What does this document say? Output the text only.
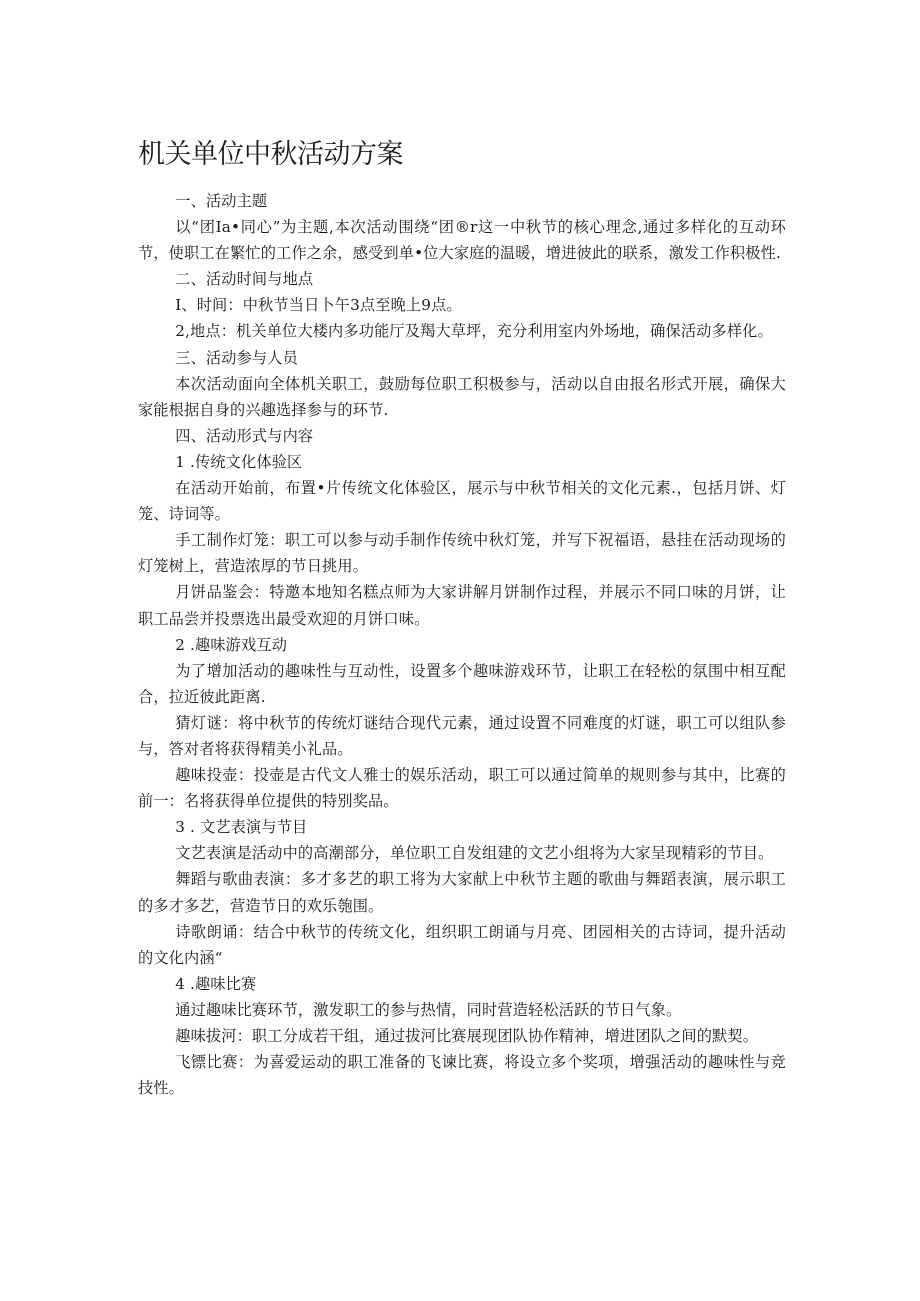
机关单位中秋活动方案

一、活动主题

以“团Ia•同心”为主题,本次活动围绕“团®r这一中秋节的核心理念,通过多样化的互动环节，使职工在繁忙的工作之余，感受到单•位大家庭的温暖，增进彼此的联系，激发工作积极性.

二、活动时间与地点

I、时间：中秋节当日卜午3点至晚上9点。

2,地点：机关单位大楼内多功能厅及羯大草坪，充分利用室内外场地，确保活动多样化。

三、活动参与人员

本次活动面向全体机关职工，鼓励每位职工积极参与，活动以自由报名形式开展，确保大家能根据自身的兴趣选择参与的环节.

四、活动形式与内容

1 .传统文化体验区

在活动开始前，布置•片传统文化体验区，展示与中秋节相关的文化元素.，包括月饼、灯笼、诗词等。

手工制作灯笼：职工可以参与动手制作传统中秋灯笼，并写下祝福语，悬挂在活动现场的灯笼树上，营造浓厚的节日挑用。

月饼品鉴会：特邀本地知名糕点师为大家讲解月饼制作过程，并展示不同口味的月饼，让职工品尝并投票选出最受欢迎的月饼口味。

2 .趣味游戏互动

为了增加活动的趣味性与互动性，设置多个趣味游戏环节，让职工在轻松的氛围中相互配合，拉近彼此距离.

猜灯谜：将中秋节的传统灯谜结合现代元素，通过设置不同难度的灯谜，职工可以组队参与，答对者将获得精美小礼品。

趣味投壶：投壶是古代文人雅士的娱乐活动，职工可以通过简单的规则参与其中，比赛的前一：名将获得单位提供的特别奖品。

3 . 文艺表演与节目

文艺表演是活动中的高潮部分，单位职工自发组建的文艺小组将为大家呈现精彩的节目。

舞蹈与歌曲表演：多才多艺的职工将为大家献上中秋节主题的歌曲与舞蹈表演，展示职工的多才多艺，营造节日的欢乐匏围。

诗歌朗诵：结合中秋节的传统文化，组织职工朗诵与月亮、团园相关的古诗词，提升活动的文化内涵“

4 .趣味比赛

通过趣味比赛环节，激发职工的参与热情，同时营造轻松活跃的节日气象。

趣味拔河：职工分成若干组，通过拔河比赛展现团队协作精神，增进团队之间的默契。

飞镖比赛：为喜爱运动的职工准备的飞谏比赛，将设立多个奖项，增强活动的趣味性与竞技性。
